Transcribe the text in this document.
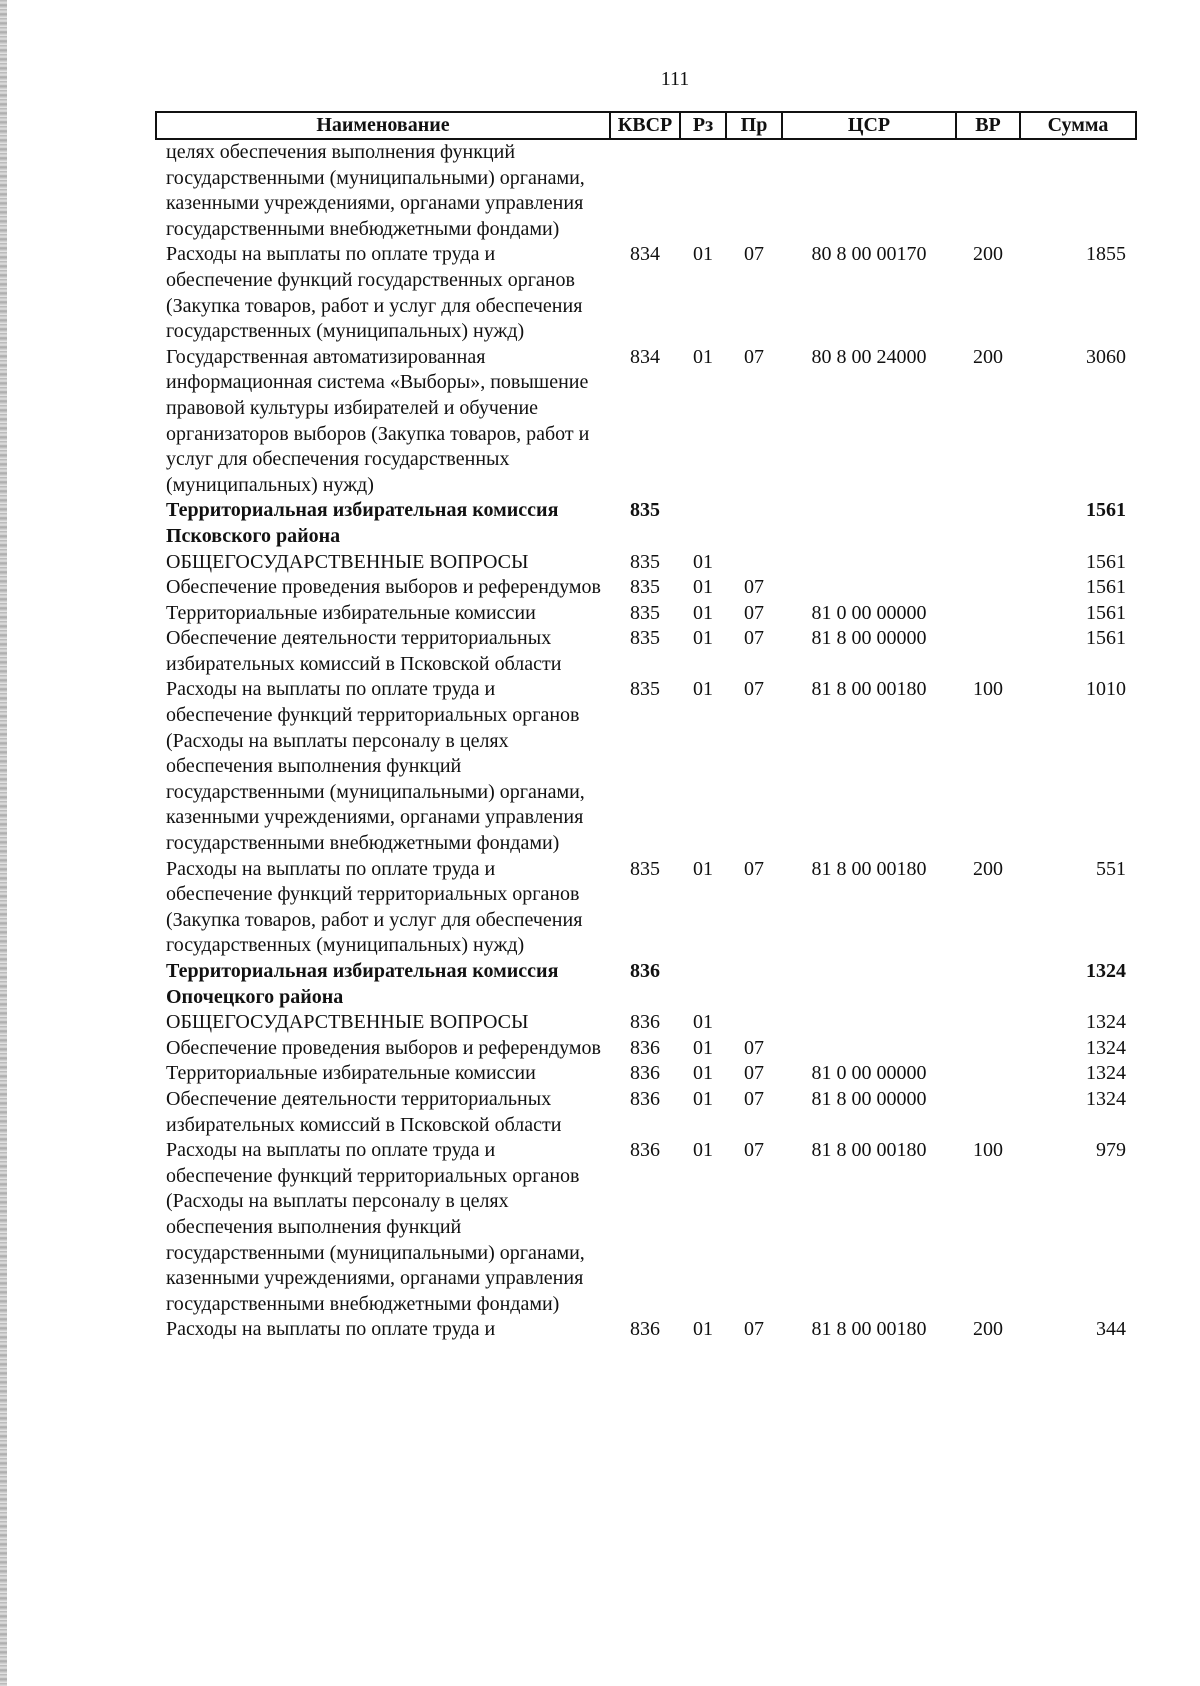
111
Наименование	КВСР	Рз	Пр	ЦСР	ВР	Сумма
целях обеспечения выполнения функций государственными (муниципальными) органами, казенными учреждениями, органами управления государственными внебюджетными фондами)						
Расходы на выплаты по оплате труда и обеспечение функций государственных органов (Закупка товаров, работ и услуг для обеспечения государственных (муниципальных) нужд)	834	01	07	80 8 00 00170	200	1855
Государственная автоматизированная информационная система «Выборы», повышение правовой культуры избирателей и обучение организаторов выборов (Закупка товаров, работ и услуг для обеспечения государственных (муниципальных) нужд)	834	01	07	80 8 00 24000	200	3060
Территориальная избирательная комиссия Псковского района	835					1561
ОБЩЕГОСУДАРСТВЕННЫЕ ВОПРОСЫ	835	01				1561
Обеспечение проведения выборов и референдумов	835	01	07			1561
Территориальные избирательные комиссии	835	01	07	81 0 00 00000		1561
Обеспечение деятельности территориальных избирательных комиссий в Псковской области	835	01	07	81 8 00 00000		1561
Расходы на выплаты по оплате труда и обеспечение функций территориальных органов (Расходы на выплаты персоналу в целях обеспечения выполнения функций государственными (муниципальными) органами, казенными учреждениями, органами управления государственными внебюджетными фондами)	835	01	07	81 8 00 00180	100	1010
Расходы на выплаты по оплате труда и обеспечение функций территориальных органов (Закупка товаров, работ и услуг для обеспечения государственных (муниципальных) нужд)	835	01	07	81 8 00 00180	200	551
Территориальная избирательная комиссия Опочецкого района	836					1324
ОБЩЕГОСУДАРСТВЕННЫЕ ВОПРОСЫ	836	01				1324
Обеспечение проведения выборов и референдумов	836	01	07			1324
Территориальные избирательные комиссии	836	01	07	81 0 00 00000		1324
Обеспечение деятельности территориальных избирательных комиссий в Псковской области	836	01	07	81 8 00 00000		1324
Расходы на выплаты по оплате труда и обеспечение функций территориальных органов (Расходы на выплаты персоналу в целях обеспечения выполнения функций государственными (муниципальными) органами, казенными учреждениями, органами управления государственными внебюджетными фондами)	836	01	07	81 8 00 00180	100	979
Расходы на выплаты по оплате труда и	836	01	07	81 8 00 00180	200	344
